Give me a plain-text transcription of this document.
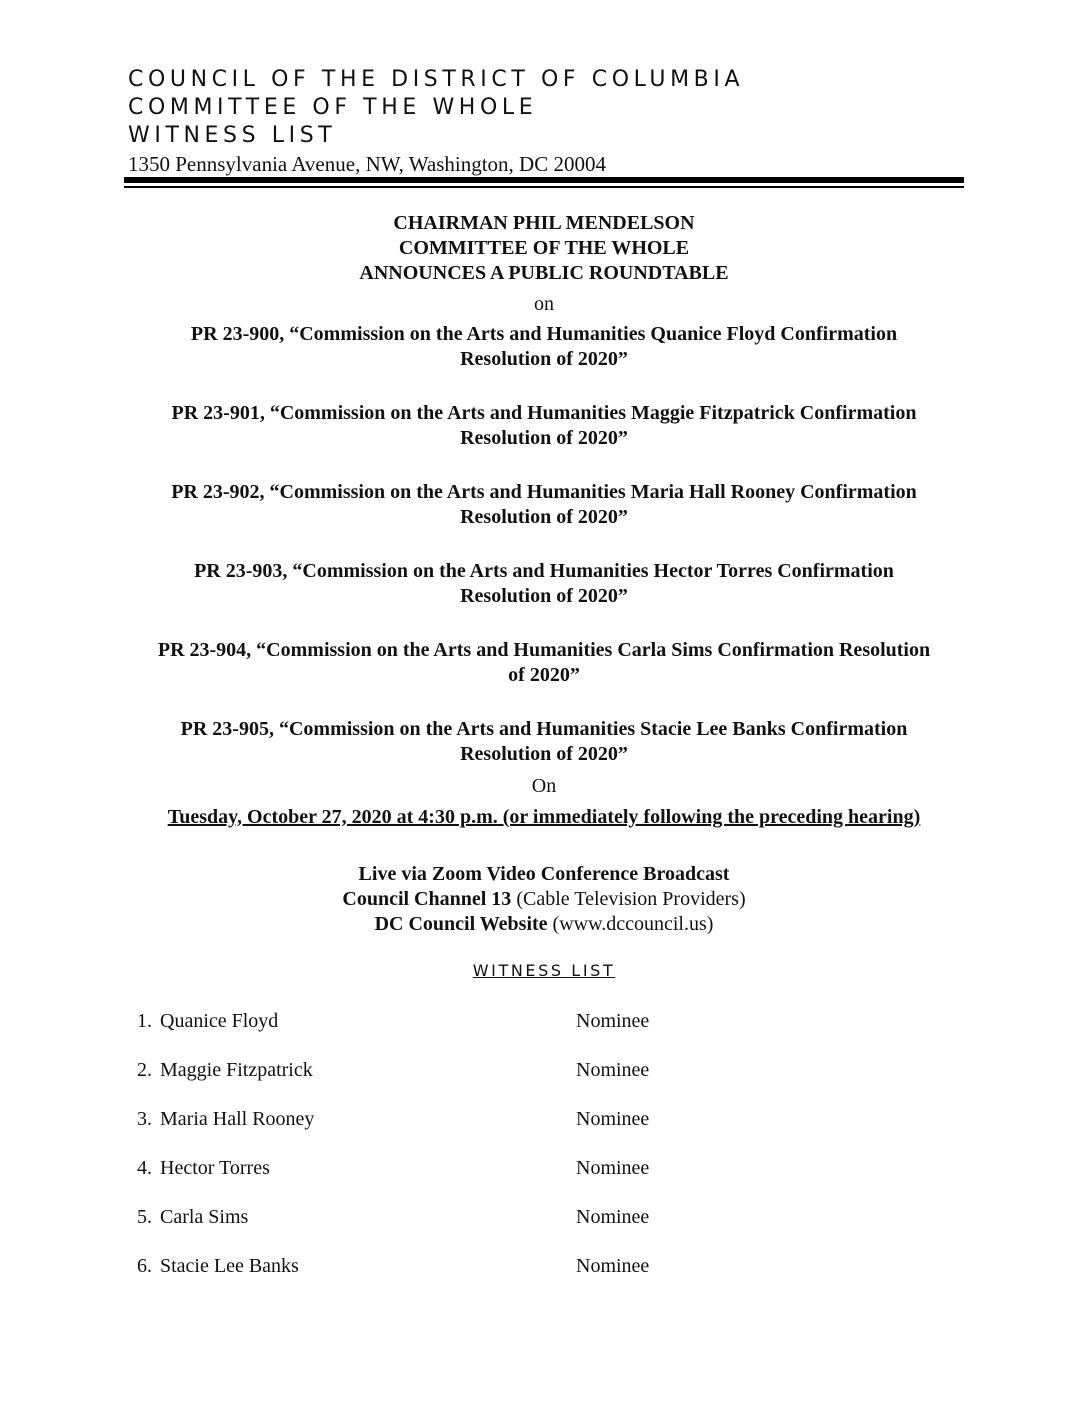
COUNCIL OF THE DISTRICT OF COLUMBIA
COMMITTEE OF THE WHOLE
WITNESS LIST
1350 Pennsylvania Avenue, NW, Washington, DC 20004
CHAIRMAN PHIL MENDELSON
COMMITTEE OF THE WHOLE
ANNOUNCES A PUBLIC ROUNDTABLE
on
PR 23-900, “Commission on the Arts and Humanities Quanice Floyd Confirmation
Resolution of 2020”
PR 23-901, “Commission on the Arts and Humanities Maggie Fitzpatrick Confirmation
Resolution of 2020”
PR 23-902, “Commission on the Arts and Humanities Maria Hall Rooney Confirmation
Resolution of 2020”
PR 23-903, “Commission on the Arts and Humanities Hector Torres Confirmation
Resolution of 2020”
PR 23-904, “Commission on the Arts and Humanities Carla Sims Confirmation Resolution
of 2020”
PR 23-905, “Commission on the Arts and Humanities Stacie Lee Banks Confirmation
Resolution of 2020”
On
Tuesday, October 27, 2020 at 4:30 p.m. (or immediately following the preceding hearing)
Live via Zoom Video Conference Broadcast
Council Channel 13 (Cable Television Providers)
DC Council Website (www.dccouncil.us)
WITNESS LIST
1. Quanice Floyd	Nominee
2. Maggie Fitzpatrick	Nominee
3. Maria Hall Rooney	Nominee
4. Hector Torres	Nominee
5. Carla Sims	Nominee
6. Stacie Lee Banks	Nominee
